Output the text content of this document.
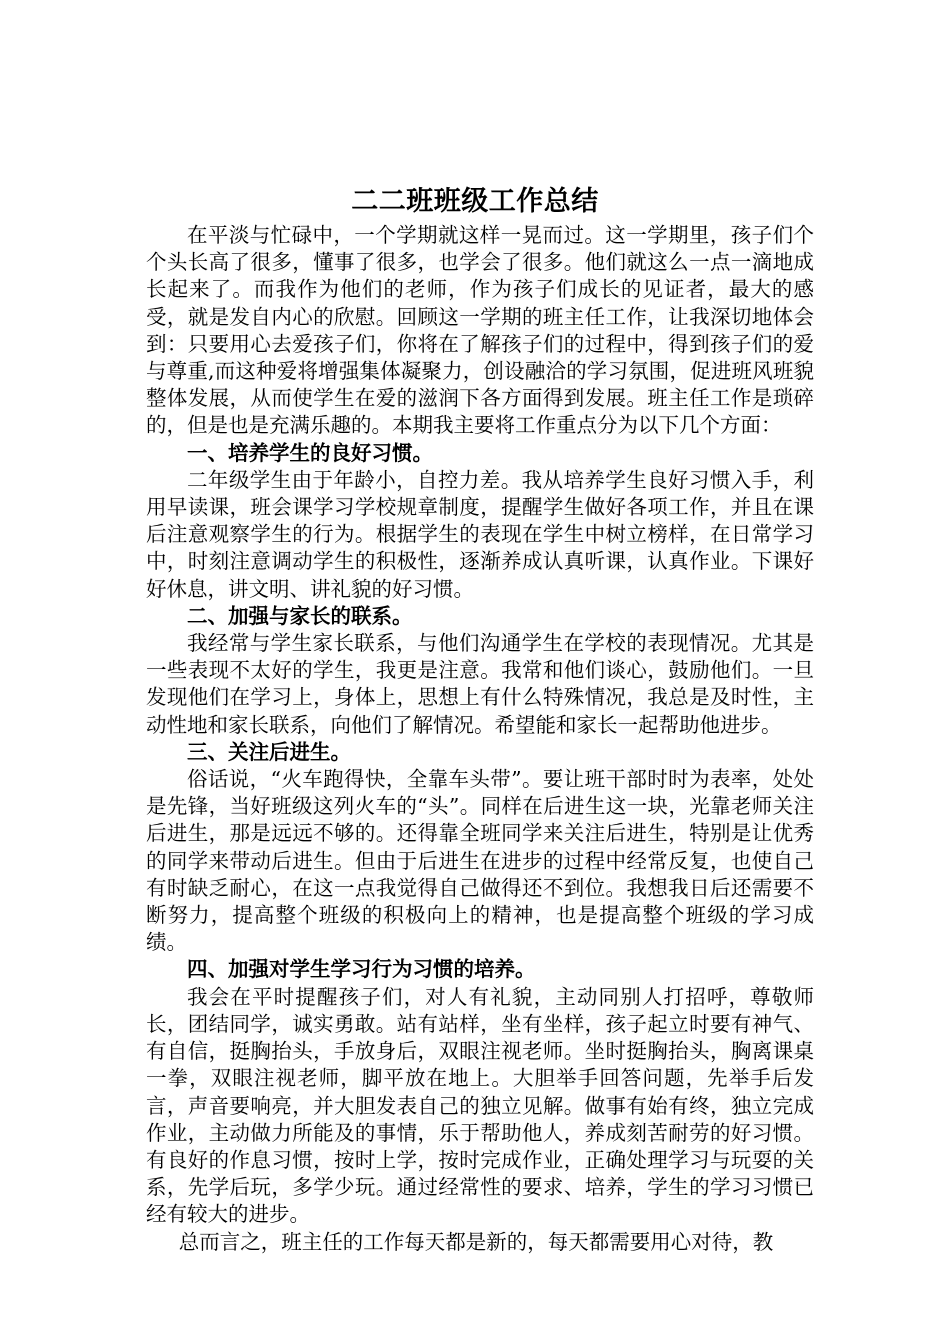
二二班班级工作总结

在平淡与忙碌中，一个学期就这样一晃而过。这一学期里，孩子们个个头长高了很多，懂事了很多，也学会了很多。他们就这么一点一滴地成长起来了。而我作为他们的老师，作为孩子们成长的见证者，最大的感受，就是发自内心的欣慰。回顾这一学期的班主任工作，让我深切地体会到：只要用心去爱孩子们，你将在了解孩子们的过程中，得到孩子们的爱与尊重,而这种爱将增强集体凝聚力，创设融洽的学习氛围，促进班风班貌整体发展，从而使学生在爱的滋润下各方面得到发展。班主任工作是琐碎的，但是也是充满乐趣的。本期我主要将工作重点分为以下几个方面：

一、培养学生的良好习惯。

二年级学生由于年龄小，自控力差。我从培养学生良好习惯入手，利用早读课，班会课学习学校规章制度，提醒学生做好各项工作，并且在课后注意观察学生的行为。根据学生的表现在学生中树立榜样，在日常学习中，时刻注意调动学生的积极性，逐渐养成认真听课，认真作业。下课好好休息，讲文明、讲礼貌的好习惯。

二、加强与家长的联系。

我经常与学生家长联系，与他们沟通学生在学校的表现情况。尤其是一些表现不太好的学生，我更是注意。我常和他们谈心，鼓励他们。一旦发现他们在学习上，身体上，思想上有什么特殊情况，我总是及时性，主动性地和家长联系，向他们了解情况。希望能和家长一起帮助他进步。

三、关注后进生。

俗话说，“火车跑得快，全靠车头带”。要让班干部时时为表率，处处是先锋，当好班级这列火车的“头”。同样在后进生这一块，光靠老师关注后进生，那是远远不够的。还得靠全班同学来关注后进生，特别是让优秀的同学来带动后进生。但由于后进生在进步的过程中经常反复，也使自己有时缺乏耐心，在这一点我觉得自己做得还不到位。我想我日后还需要不断努力，提高整个班级的积极向上的精神，也是提高整个班级的学习成绩。

四、加强对学生学习行为习惯的培养。

我会在平时提醒孩子们，对人有礼貌，主动同别人打招呼，尊敬师长，团结同学，诚实勇敢。站有站样，坐有坐样，孩子起立时要有神气、有自信，挺胸抬头，手放身后，双眼注视老师。坐时挺胸抬头，胸离课桌一拳，双眼注视老师，脚平放在地上。大胆举手回答问题，先举手后发言，声音要响亮，并大胆发表自己的独立见解。做事有始有终，独立完成作业，主动做力所能及的事情，乐于帮助他人，养成刻苦耐劳的好习惯。有良好的作息习惯，按时上学，按时完成作业，正确处理学习与玩耍的关系，先学后玩，多学少玩。通过经常性的要求、培养，学生的学习习惯已经有较大的进步。

总而言之，班主任的工作每天都是新的，每天都需要用心对待，教
